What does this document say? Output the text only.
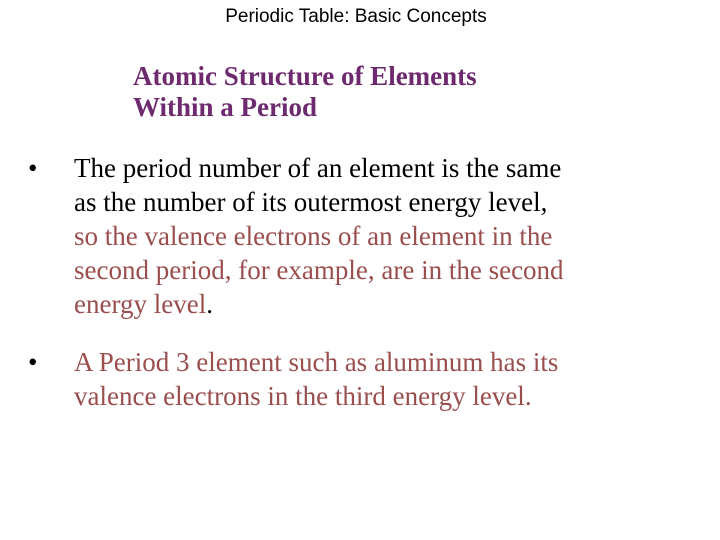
Periodic Table: Basic Concepts
Atomic Structure of Elements
Within a Period
• The period number of an element is the same
as the number of its outermost energy level,
so the valence electrons of an element in the
second period, for example, are in the second
energy level.
• A Period 3 element such as aluminum has its
valence electrons in the third energy level.
